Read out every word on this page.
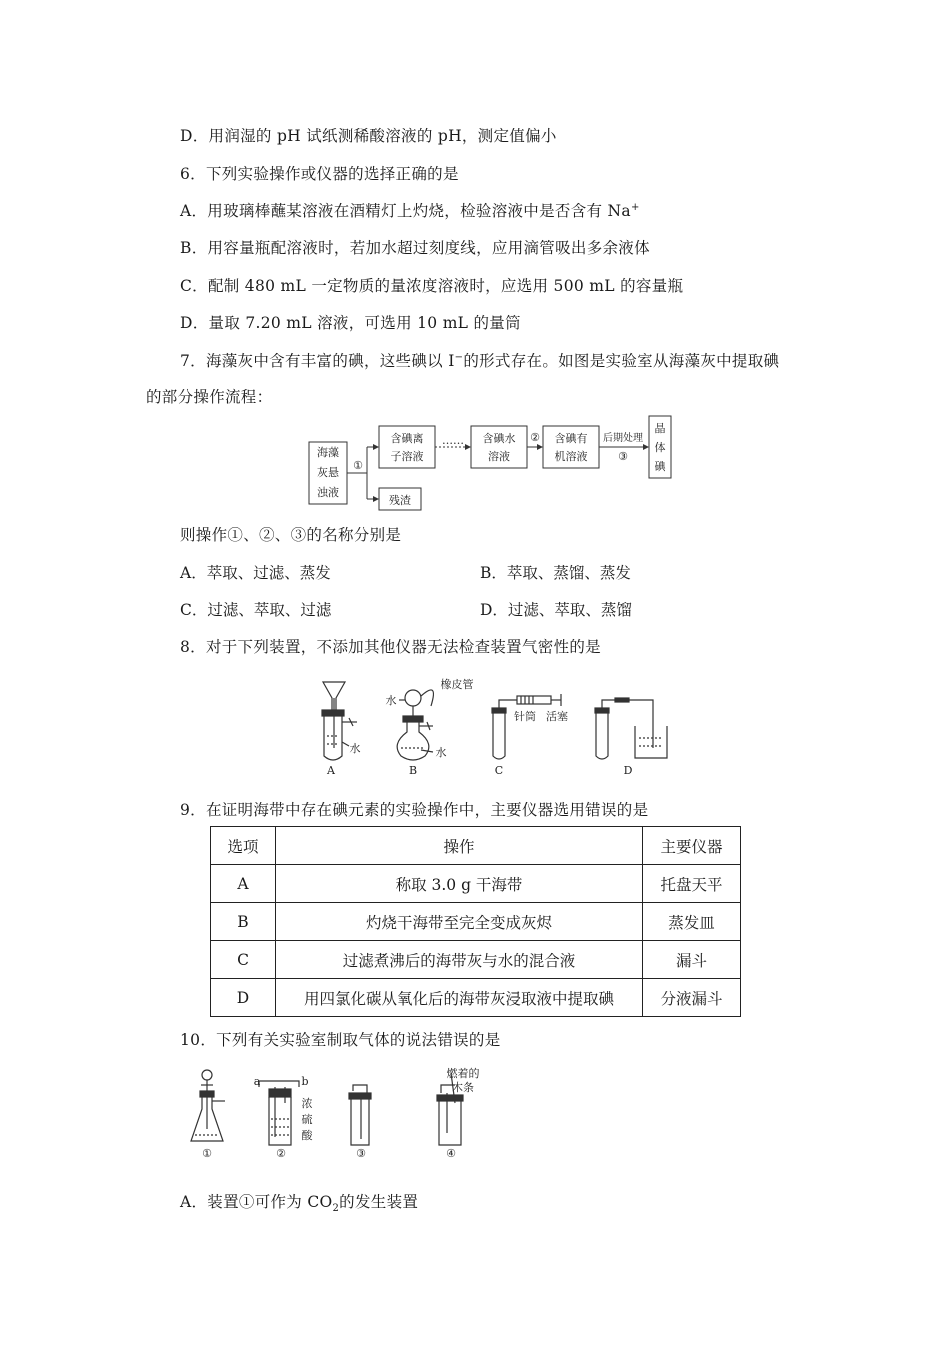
D．用润湿的 pH 试纸测稀酸溶液的 pH，测定值偏小
6．下列实验操作或仪器的选择正确的是
A．用玻璃棒蘸某溶液在酒精灯上灼烧，检验溶液中是否含有 Na+
B．用容量瓶配溶液时，若加水超过刻度线，应用滴管吸出多余液体
C．配制 480 mL 一定物质的量浓度溶液时，应选用 500 mL 的容量瓶
D．量取 7.20 mL 溶液，可选用 10 mL 的量筒
7．海藻灰中含有丰富的碘，这些碘以 I−的形式存在。如图是实验室从海藻灰中提取碘
的部分操作流程：
海藻
灰悬
浊液
①
含碘离
子溶液
…… 含碘水
溶液
② 含碘有
机溶液
后期处理
③
晶
体
碘
残渣
则操作①、②、③的名称分别是
A．萃取、过滤、蒸发	B．萃取、蒸馏、蒸发
C．过滤、萃取、过滤	D．过滤、萃取、蒸馏
8．对于下列装置，不添加其他仪器无法检查装置气密性的是
水
水
橡皮管
水
针筒 活塞
A	B	C	D
9．在证明海带中存在碘元素的实验操作中，主要仪器选用错误的是
选项	操作	主要仪器
A	称取 3.0 g 干海带	托盘天平
B	灼烧干海带至完全变成灰烬	蒸发皿
C	过滤煮沸后的海带灰与水的混合液	漏斗
D	用四氯化碳从氧化后的海带灰浸取液中提取碘	分液漏斗
10．下列有关实验室制取气体的说法错误的是
a	b
浓
硫
酸
燃着的
木条
①	②	③	④
A．装置①可作为 $CO_2$的发生装置
